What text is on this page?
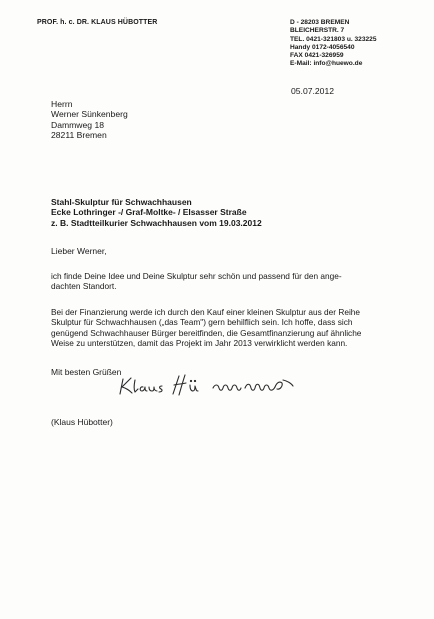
PROF. h. c. DR. KLAUS HÜBOTTER	D - 28203 BREMEN
BLEICHERSTR. 7
TEL. 0421-321803 u. 323225
Handy 0172-4056540
FAX 0421-326959
E-Mail: info@huewo.de
05.07.2012
Herrn
Werner Sünkenberg
Dammweg 18
28211 Bremen
Stahl-Skulptur für Schwachhausen
Ecke Lothringer -/ Graf-Moltke- / Elsasser Straße
z. B. Stadtteilkurier Schwachhausen vom 19.03.2012
Lieber Werner,
ich finde Deine Idee und Deine Skulptur sehr schön und passend für den ange-
dachten Standort.
Bei der Finanzierung werde ich durch den Kauf einer kleinen Skulptur aus der Reihe
Skulptur für Schwachhausen („das Team") gern behilflich sein. Ich hoffe, dass sich
genügend Schwachhauser Bürger bereitfinden, die Gesamtfinanzierung auf ähnliche
Weise zu unterstützen, damit das Projekt im Jahr 2013 verwirklicht werden kann.
Mit besten Grüßen
(Klaus Hübotter)
